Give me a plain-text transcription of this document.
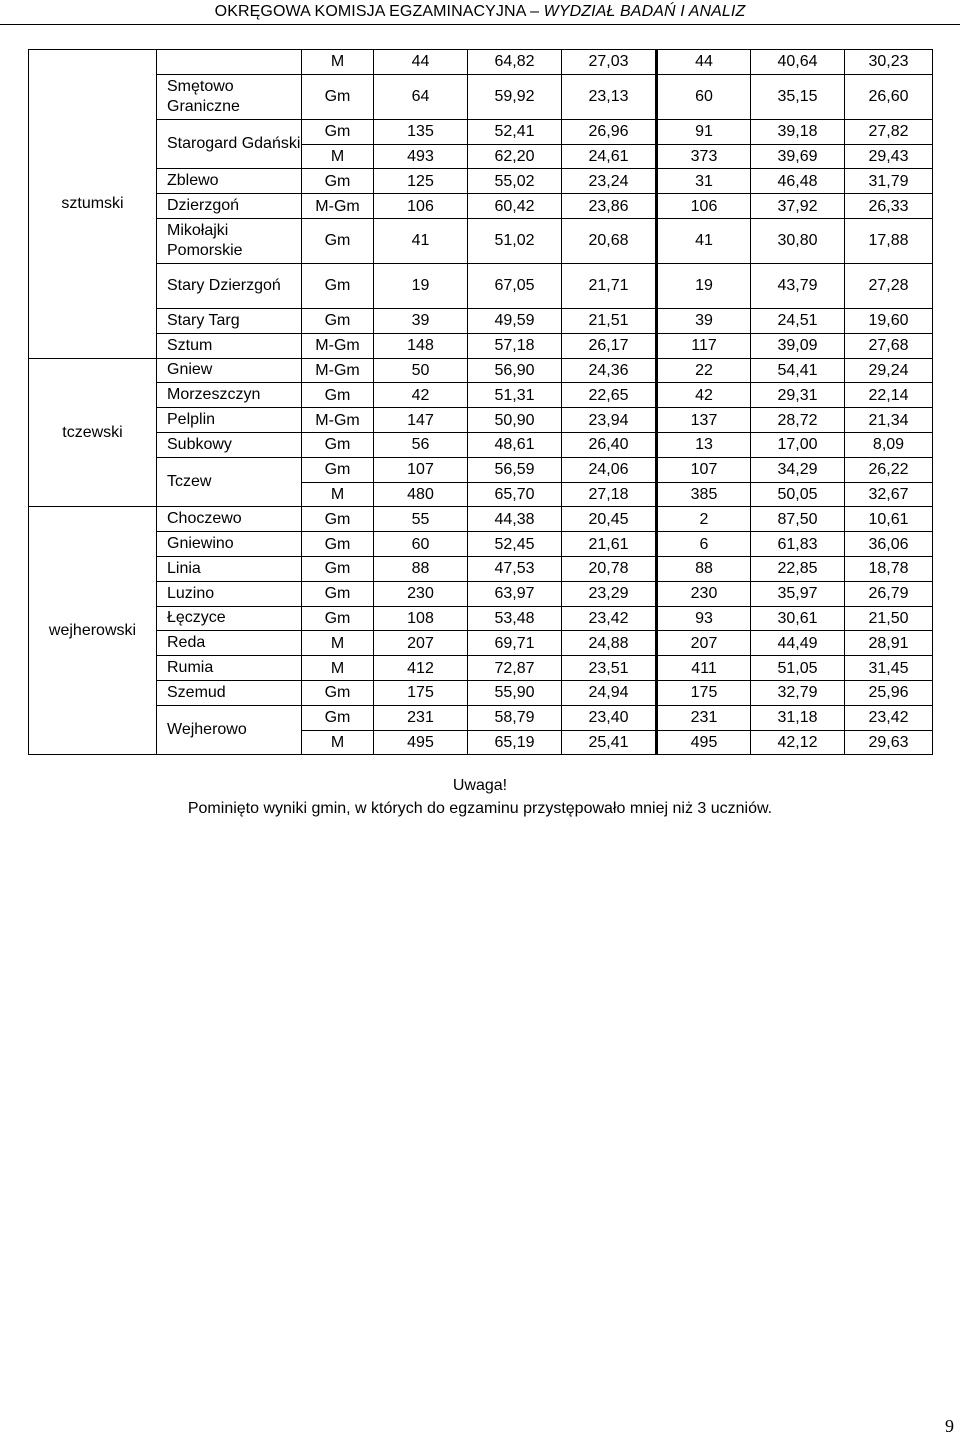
OKRĘGOWA KOMISJA EGZAMINACYJNA – WYDZIAŁ BADAŃ I ANALIZ
sztumski		M	44	64,82	27,03	44	40,64	30,23
	Smętowo Graniczne	Gm	64	59,92	23,13	60	35,15	26,60
	Starogard Gdański	Gm	135	52,41	26,96	91	39,18	27,82
		M	493	62,20	24,61	373	39,69	29,43
	Zblewo	Gm	125	55,02	23,24	31	46,48	31,79
	Dzierzgoń	M-Gm	106	60,42	23,86	106	37,92	26,33
	Mikołajki Pomorskie	Gm	41	51,02	20,68	41	30,80	17,88
	Stary Dzierzgoń	Gm	19	67,05	21,71	19	43,79	27,28
	Stary Targ	Gm	39	49,59	21,51	39	24,51	19,60
	Sztum	M-Gm	148	57,18	26,17	117	39,09	27,68
tczewski	Gniew	M-Gm	50	56,90	24,36	22	54,41	29,24
	Morzeszczyn	Gm	42	51,31	22,65	42	29,31	22,14
	Pelplin	M-Gm	147	50,90	23,94	137	28,72	21,34
	Subkowy	Gm	56	48,61	26,40	13	17,00	8,09
	Tczew	Gm	107	56,59	24,06	107	34,29	26,22
		M	480	65,70	27,18	385	50,05	32,67
wejherowski	Choczewo	Gm	55	44,38	20,45	2	87,50	10,61
	Gniewino	Gm	60	52,45	21,61	6	61,83	36,06
	Linia	Gm	88	47,53	20,78	88	22,85	18,78
	Luzino	Gm	230	63,97	23,29	230	35,97	26,79
	Łęczyce	Gm	108	53,48	23,42	93	30,61	21,50
	Reda	M	207	69,71	24,88	207	44,49	28,91
	Rumia	M	412	72,87	23,51	411	51,05	31,45
	Szemud	Gm	175	55,90	24,94	175	32,79	25,96
	Wejherowo	Gm	231	58,79	23,40	231	31,18	23,42
		M	495	65,19	25,41	495	42,12	29,63
Uwaga!
Pominięto wyniki gmin, w których do egzaminu przystępowało mniej niż 3 uczniów.
9
